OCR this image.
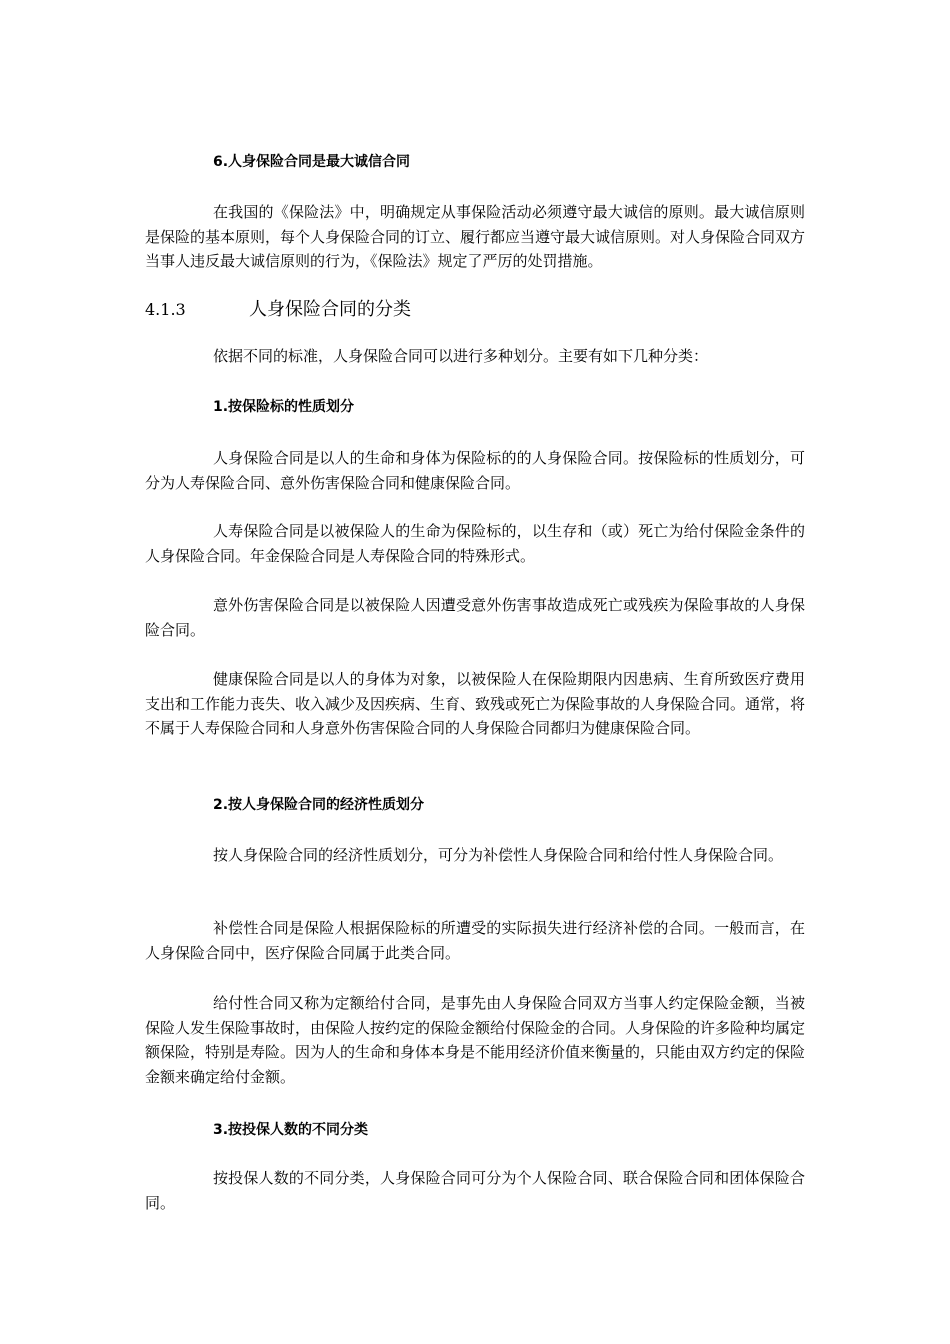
6.人身保险合同是最大诚信合同

在我国的《保险法》中，明确规定从事保险活动必须遵守最大诚信的原则。最大诚信原则是保险的基本原则，每个人身保险合同的订立、履行都应当遵守最大诚信原则。对人身保险合同双方当事人违反最大诚信原则的行为，《保险法》规定了严厉的处罚措施。

4.1.3	人身保险合同的分类

依据不同的标准，人身保险合同可以进行多种划分。主要有如下几种分类：

1.按保险标的性质划分

人身保险合同是以人的生命和身体为保险标的的人身保险合同。按保险标的性质划分，可分为人寿保险合同、意外伤害保险合同和健康保险合同。

人寿保险合同是以被保险人的生命为保险标的，以生存和（或）死亡为给付保险金条件的人身保险合同。年金保险合同是人寿保险合同的特殊形式。

意外伤害保险合同是以被保险人因遭受意外伤害事故造成死亡或残疾为保险事故的人身保险合同。

健康保险合同是以人的身体为对象，以被保险人在保险期限内因患病、生育所致医疗费用支出和工作能力丧失、收入减少及因疾病、生育、致残或死亡为保险事故的人身保险合同。通常，将不属于人寿保险合同和人身意外伤害保险合同的人身保险合同都归为健康保险合同。

2.按人身保险合同的经济性质划分

按人身保险合同的经济性质划分，可分为补偿性人身保险合同和给付性人身保险合同。

补偿性合同是保险人根据保险标的所遭受的实际损失进行经济补偿的合同。一般而言，在人身保险合同中，医疗保险合同属于此类合同。

给付性合同又称为定额给付合同，是事先由人身保险合同双方当事人约定保险金额，当被保险人发生保险事故时，由保险人按约定的保险金额给付保险金的合同。人身保险的许多险种均属定额保险，特别是寿险。因为人的生命和身体本身是不能用经济价值来衡量的，只能由双方约定的保险金额来确定给付金额。

3.按投保人数的不同分类

按投保人数的不同分类，人身保险合同可分为个人保险合同、联合保险合同和团体保险合同。
